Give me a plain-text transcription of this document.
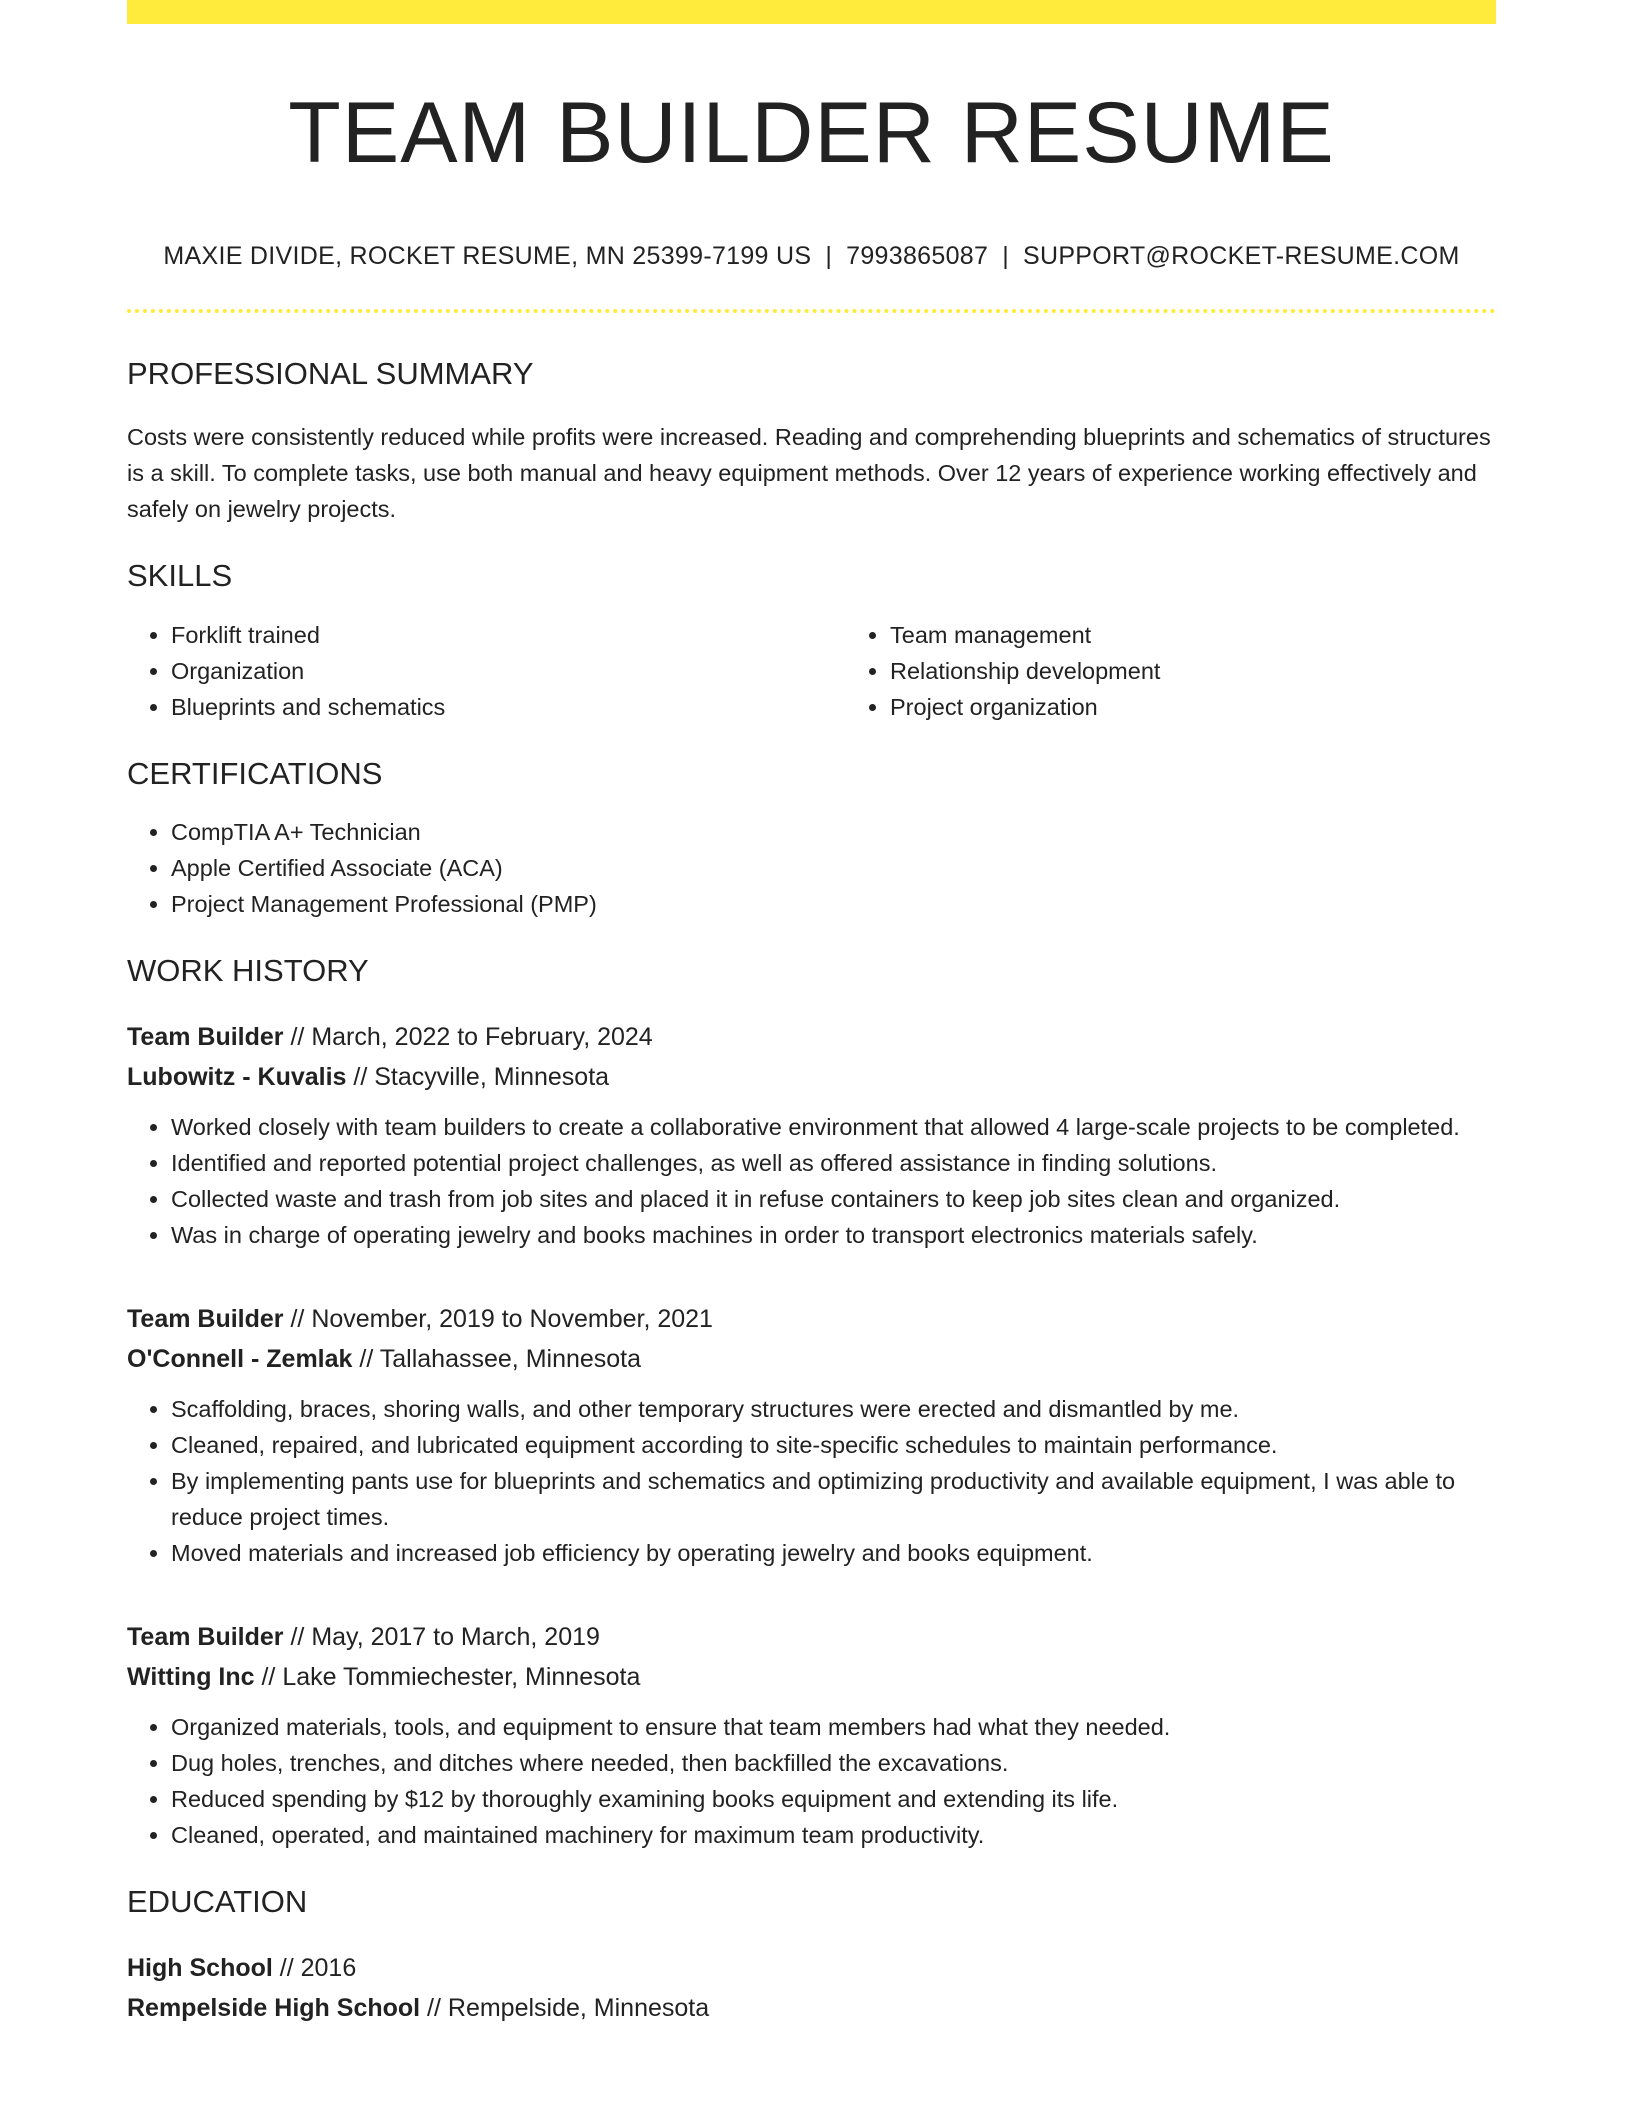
TEAM BUILDER RESUME
MAXIE DIVIDE, ROCKET RESUME, MN 25399-7199 US | 7993865087 | SUPPORT@ROCKET-RESUME.COM
PROFESSIONAL SUMMARY

Costs were consistently reduced while profits were increased. Reading and comprehending blueprints and schematics of structures is a skill. To complete tasks, use both manual and heavy equipment methods. Over 12 years of experience working effectively and safely on jewelry projects.

SKILLS
• Forklift trained
• Organization
• Blueprints and schematics
• Team management
• Relationship development
• Project organization
CERTIFICATIONS
• CompTIA A+ Technician
• Apple Certified Associate (ACA)
• Project Management Professional (PMP)
WORK HISTORY
Team Builder // March, 2022 to February, 2024
Lubowitz - Kuvalis // Stacyville, Minnesota
• Worked closely with team builders to create a collaborative environment that allowed 4 large-scale projects to be completed.
• Identified and reported potential project challenges, as well as offered assistance in finding solutions.
• Collected waste and trash from job sites and placed it in refuse containers to keep job sites clean and organized.
• Was in charge of operating jewelry and books machines in order to transport electronics materials safely.
Team Builder // November, 2019 to November, 2021
O'Connell - Zemlak // Tallahassee, Minnesota
• Scaffolding, braces, shoring walls, and other temporary structures were erected and dismantled by me.
• Cleaned, repaired, and lubricated equipment according to site-specific schedules to maintain performance.
• By implementing pants use for blueprints and schematics and optimizing productivity and available equipment, I was able to reduce project times.
• Moved materials and increased job efficiency by operating jewelry and books equipment.
Team Builder // May, 2017 to March, 2019
Witting Inc // Lake Tommiechester, Minnesota
• Organized materials, tools, and equipment to ensure that team members had what they needed.
• Dug holes, trenches, and ditches where needed, then backfilled the excavations.
• Reduced spending by $12 by thoroughly examining books equipment and extending its life.
• Cleaned, operated, and maintained machinery for maximum team productivity.
EDUCATION
High School // 2016
Rempelside High School // Rempelside, Minnesota
